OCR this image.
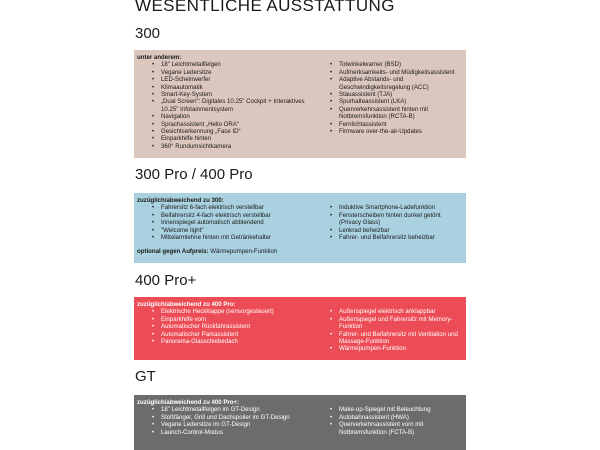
WESENTLICHE AUSSTATTUNG
300
unter anderem:
• 18" Leichtmetallfelgen
• Vegane Ledersitze
• LED-Scheinwerfer
• Klimaautomatik
• Smart-Key-System
• „Dual Screen“: Digitales 10.25" Cockpit + Interaktives 10.25" Infotainmentsystem
• Navigation
• Sprachassistent „Hello ORA“
• Gesichtserkennung „Face ID“
• Einparkhilfe hinten
• 360° Rundumsichtkamera
• Totwinkelwarner (BSD)
• Aufmerksamkeits- und Müdigkeitsassistent
• Adaptive Abstands- und Geschwindigkeitsregelung (ACC)
• Stauassistent (TJA)
• Spurhalteassistent (LKA)
• Querverkehrsassistent hinten mit Notbremsfunktion (RCTA-B)
• Fernlichtassistent
• Firmware over-the-air-Updates
300 Pro / 400 Pro
zuzüglich/abweichend zu 300:
• Fahrersitz 6-fach elektrisch verstellbar
• Beifahrersitz 4-fach elektrisch verstellbar
• Innenspiegel automatisch abblendend
• "Welcome light"
• Mittelarmlehne hinten mit Getränkehalter
• Induktive Smartphone-Ladefunktion
• Fensterscheiben hinten dunkel getönt (Privacy Glass)
• Lenkrad beheizbar
• Fahrer- und Beifahrersitz beheizbar
optional gegen Aufpreis: Wärmepumpen-Funktion
400 Pro+
zuzüglich/abweichend zu 400 Pro:
• Elektrische Heckklappe (sensorgesteuert)
• Einparkhilfe vorn
• Automatischer Rückfahrassistent
• Automatischer Parkassistent
• Panorama-Glasschiebedach
• Außenspiegel elektrisch anklappbar
• Außenspiegel und Fahrersitz mit Memory-Funktion
• Fahrer- und Beifahrersitz mit Ventilation und Massage-Funktion
• Wärmepumpen-Funktion
GT
zuzüglich/abweichend zu 400 Pro+:
• 18" Leichtmetallfelgen im GT-Design
• Stoßfänger, Grill und Dachspoiler im GT-Design
• Vegane Ledersitze im GT-Design
• Launch-Control-Modus
• Make-up-Spiegel mit Beleuchtung
• Autobahnassistent (HWA)
• Querverkehrsassistent vorn mit Notbremsfunktion (FCTA-B)
